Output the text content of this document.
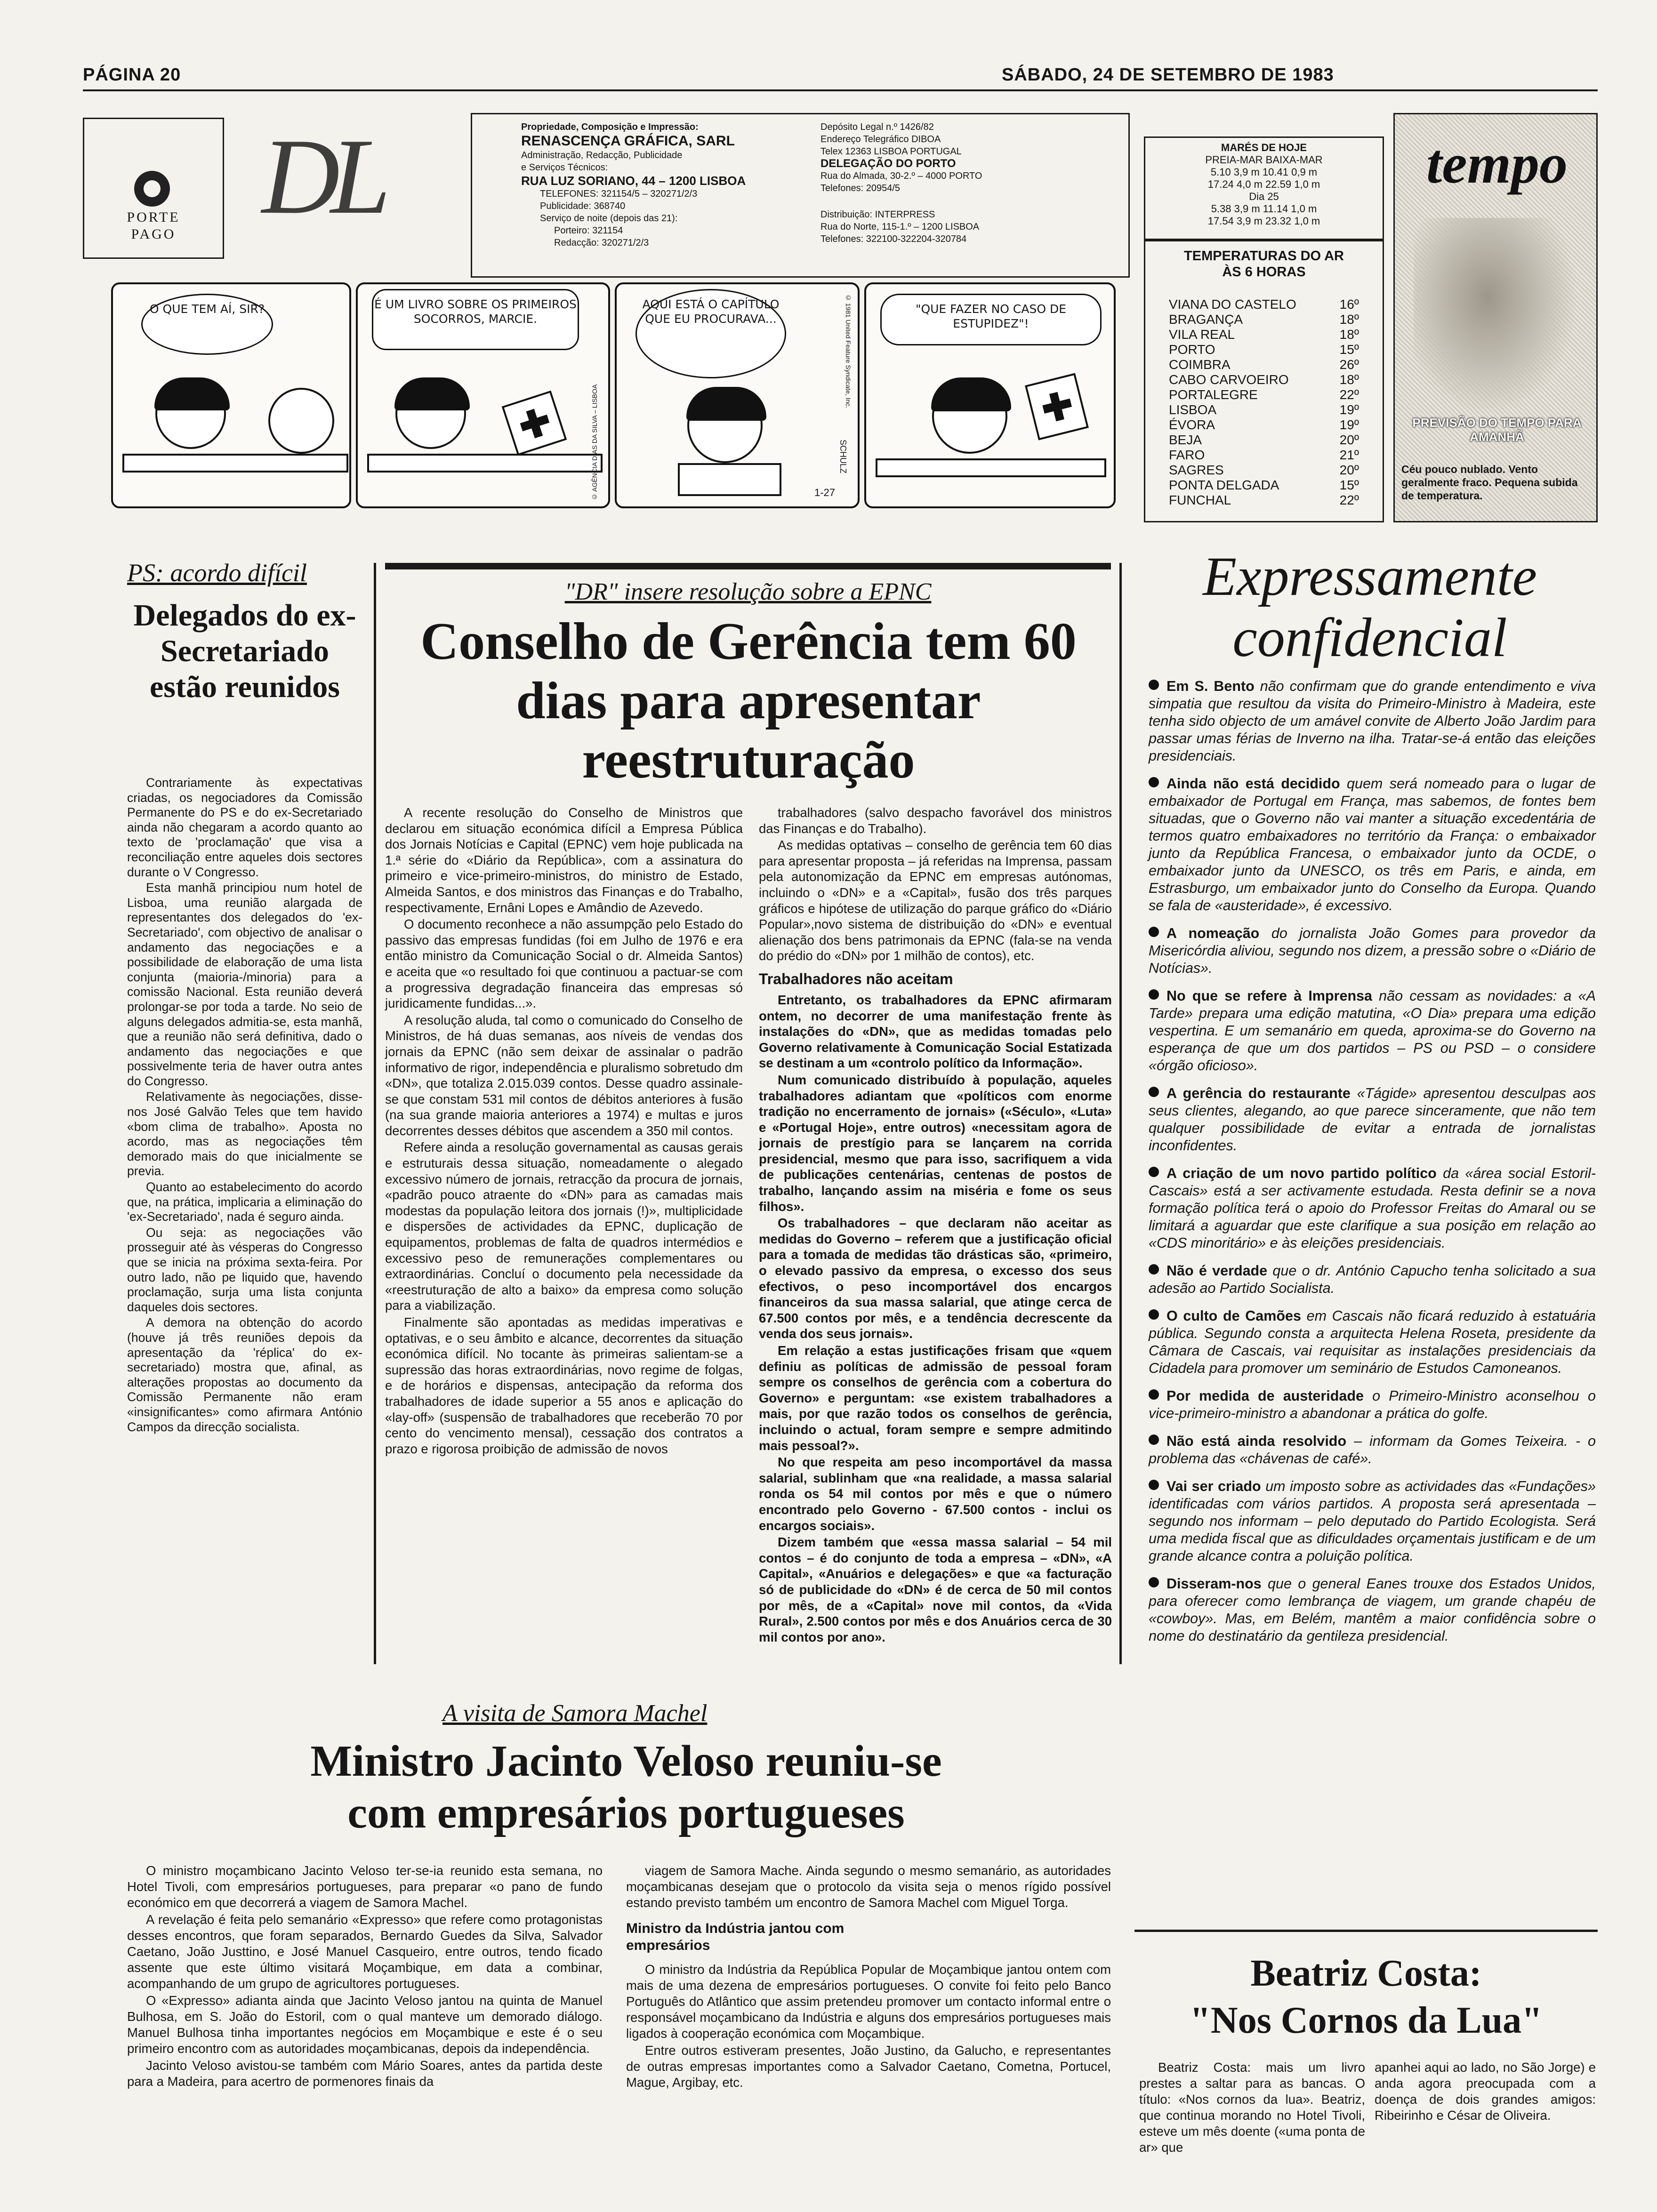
PÁGINA 20	SÁBADO, 24 DE SETEMBRO DE 1983
DL
PORTE
PAGO
Propriedade, Composição e Impressão:
RENASCENÇA GRÁFICA, SARL
Administração, Redacção, Publicidade
e Serviços Técnicos:
RUA LUZ SORIANO, 44 – 1200 LISBOA
TELEFONES: 321154/5 – 320271/2/3
Publicidade: 368740
Serviço de noite (depois das 21):
Porteiro: 321154
Redacção: 320271/2/3
Depósito Legal n.º 1426/82
Endereço Telegráfico DIBOA
Telex 12363 LISBOA PORTUGAL
DELEGAÇÃO DO PORTO
Rua do Almada, 30-2.º – 4000 PORTO
Telefones: 20954/5
Distribuição: INTERPRESS
Rua do Norte, 115-1.º – 1200 LISBOA
Telefones: 322100-322204-320784
MARÉS DE HOJE
PREIA-MAR BAIXA-MAR
5.10 3,9 m 10.41 0,9 m
17.24 4,0 m 22.59 1,0 m
Dia 25
5.38 3,9 m 11.14 1,0 m
17.54 3,9 m 23.32 1,0 m
TEMPERATURAS DO AR
ÀS 6 HORAS
VIANA DO CASTELO	16º
BRAGANÇA	18º
VILA REAL	18º
PORTO	15º
COIMBRA	26º
CABO CARVOEIRO	18º
PORTALEGRE	22º
LISBOA	19º
ÉVORA	19º
BEJA	20º
FARO	21º
SAGRES	20º
PONTA DELGADA	15º
FUNCHAL	22º
tempo
PREVISÃO DO TEMPO PARA AMANHÃ
Céu pouco nublado. Vento geralmente fraco. Pequena subida de temperatura.
O QUE TEM AÍ, SIR?	É UM LIVRO SOBRE OS PRIMEIROS SOCORROS, MARCIE.
© AGÊNCIA DIAS DA SILVA – LISBOA
AQUI ESTÁ O CAPÍTULO QUE EU PROCURAVA...	© 1981 United Feature Syndicate, Inc.
1-27
SCHULZ
"QUE FAZER NO CASO DE ESTUPIDEZ"!
PS: acordo difícil
Delegados do ex-Secretariado estão reunidos

Contrariamente às expectativas criadas, os negociadores da Comissão Permanente do PS e do ex-Secretariado ainda não chegaram a acordo quanto ao texto de 'proclamação' que visa a reconciliação entre aqueles dois sectores durante o V Congresso.

Esta manhã principiou num hotel de Lisboa, uma reunião alargada de representantes dos delegados do 'ex-Secretariado', com objectivo de analisar o andamento das negociações e a possibilidade de elaboração de uma lista conjunta (maioria-/minoria) para a comissão Nacional. Esta reunião deverá prolongar-se por toda a tarde. No seio de alguns delegados admitia-se, esta manhã, que a reunião não será definitiva, dado o andamento das negociações e que possivelmente teria de haver outra antes do Congresso.

Relativamente às negociações, disse-nos José Galvão Teles que tem havido «bom clima de trabalho». Aposta no acordo, mas as negociações têm demorado mais do que inicialmente se previa.

Quanto ao estabelecimento do acordo que, na prática, implicaria a eliminação do 'ex-Secretariado', nada é seguro ainda.

Ou seja: as negociações vão prosseguir até às vésperas do Congresso que se inicia na próxima sexta-feira. Por outro lado, não pe liquido que, havendo proclamação, surja uma lista conjunta daqueles dois sectores.

A demora na obtenção do acordo (houve já três reuniões depois da apresentação da 'réplica' do ex-secretariado) mostra que, afinal, as alterações propostas ao documento da Comissão Permanente não eram «insignificantes» como afirmara António Campos da direcção socialista.

"DR" insere resolução sobre a EPNC
Conselho de Gerência tem 60 dias para apresentar reestruturação

A recente resolução do Conselho de Ministros que declarou em situação económica difícil a Empresa Pública dos Jornais Notícias e Capital (EPNC) vem hoje publicada na 1.ª série do «Diário da República», com a assinatura do primeiro e vice-primeiro-ministros, do ministro de Estado, Almeida Santos, e dos ministros das Finanças e do Trabalho, respectivamente, Ernâni Lopes e Amândio de Azevedo.

O documento reconhece a não assumpção pelo Estado do passivo das empresas fundidas (foi em Julho de 1976 e era então ministro da Comunicação Social o dr. Almeida Santos) e aceita que «o resultado foi que continuou a pactuar-se com a progressiva degradação financeira das empresas só juridicamente fundidas...».

A resolução aluda, tal como o comunicado do Conselho de Ministros, de há duas semanas, aos níveis de vendas dos jornais da EPNC (não sem deixar de assinalar o padrão informativo de rigor, independência e pluralismo sobretudo dm «DN», que totaliza 2.015.039 contos. Desse quadro assinale-se que constam 531 mil contos de débitos anteriores à fusão (na sua grande maioria anteriores a 1974) e multas e juros decorrentes desses débitos que ascendem a 350 mil contos.

Refere ainda a resolução governamental as causas gerais e estruturais dessa situação, nomeadamente o alegado excessivo número de jornais, retracção da procura de jornais, «padrão pouco atraente do «DN» para as camadas mais modestas da população leitora dos jornais (!)», multiplicidade e dispersões de actividades da EPNC, duplicação de equipamentos, problemas de falta de quadros intermédios e excessivo peso de remunerações complementares ou extraordinárias. Concluí o documento pela necessidade da «reestruturação de alto a baixo» da empresa como solução para a viabilização.

Finalmente são apontadas as medidas imperativas e optativas, e o seu âmbito e alcance, decorrentes da situação económica difícil. No tocante às primeiras salientam-se a supressão das horas extraordinárias, novo regime de folgas, e de horários e dispensas, antecipação da reforma dos trabalhadores de idade superior a 55 anos e aplicação do «lay-off» (suspensão de trabalhadores que receberão 70 por cento do vencimento mensal), cessação dos contratos a prazo e rigorosa proibição de admissão de novos

trabalhadores (salvo despacho favorável dos ministros das Finanças e do Trabalho).

As medidas optativas – conselho de gerência tem 60 dias para apresentar proposta – já referidas na Imprensa, passam pela autonomização da EPNC em empresas autónomas, incluindo o «DN» e a «Capital», fusão dos três parques gráficos e hipótese de utilização do parque gráfico do «Diário Popular»,novo sistema de distribuição do «DN» e eventual alienação dos bens patrimonais da EPNC (fala-se na venda do prédio do «DN» por 1 milhão de contos), etc.

Trabalhadores não aceitam

Entretanto, os trabalhadores da EPNC afirmaram ontem, no decorrer de uma manifestação frente às instalações do «DN», que as medidas tomadas pelo Governo relativamente à Comunicação Social Estatizada se destinam a um «controlo político da Informação».

Num comunicado distribuído à população, aqueles trabalhadores adiantam que «políticos com enorme tradição no encerramento de jornais» («Século», «Luta» e «Portugal Hoje», entre outros) «necessitam agora de jornais de prestígio para se lançarem na corrida presidencial, mesmo que para isso, sacrifiquem a vida de publicações centenárias, centenas de postos de trabalho, lançando assim na miséria e fome os seus filhos».

Os trabalhadores – que declaram não aceitar as medidas do Governo – referem que a justificação oficial para a tomada de medidas tão drásticas são, «primeiro, o elevado passivo da empresa, o excesso dos seus efectivos, o peso incomportável dos encargos financeiros da sua massa salarial, que atinge cerca de 67.500 contos por mês, e a tendência decrescente da venda dos seus jornais».

Em relação a estas justificações frisam que «quem definiu as políticas de admissão de pessoal foram sempre os conselhos de gerência com a cobertura do Governo» e perguntam: «se existem trabalhadores a mais, por que razão todos os conselhos de gerência, incluindo o actual, foram sempre e sempre admitindo mais pessoal?».

No que respeita am peso incomportável da massa salarial, sublinham que «na realidade, a massa salarial ronda os 54 mil contos por mês e que o número encontrado pelo Governo - 67.500 contos - inclui os encargos sociais».

Dizem também que «essa massa salarial – 54 mil contos – é do conjunto de toda a empresa – «DN», «A Capital», «Anuários e delegações» e que «a facturação só de publicidade do «DN» é de cerca de 50 mil contos por mês, de a «Capital» nove mil contos, da «Vida Rural», 2.500 contos por mês e dos Anuários cerca de 30 mil contos por ano».

A visita de Samora Machel
Ministro Jacinto Veloso reuniu-se
com empresários portugueses

O ministro moçambicano Jacinto Veloso ter-se-ia reunido esta semana, no Hotel Tivoli, com empresários portugueses, para preparar «o pano de fundo económico em que decorrerá a viagem de Samora Machel.

A revelação é feita pelo semanário «Expresso» que refere como protagonistas desses encontros, que foram separados, Bernardo Guedes da Silva, Salvador Caetano, João Justtino, e José Manuel Casqueiro, entre outros, tendo ficado assente que este último visitará Moçambique, em data a combinar, acompanhando de um grupo de agricultores portugueses.

O «Expresso» adianta ainda que Jacinto Veloso jantou na quinta de Manuel Bulhosa, em S. João do Estoril, com o qual manteve um demorado diálogo. Manuel Bulhosa tinha importantes negócios em Moçambique e este é o seu primeiro encontro com as autoridades moçambicanas, depois da independência.

Jacinto Veloso avistou-se também com Mário Soares, antes da partida deste para a Madeira, para acertro de pormenores finais da

viagem de Samora Mache. Ainda segundo o mesmo semanário, as autoridades moçambicanas desejam que o protocolo da visita seja o menos rígido possível estando previsto também um encontro de Samora Machel com Miguel Torga.

Ministro da Indústria jantou com empresários

O ministro da Indústria da República Popular de Moçambique jantou ontem com mais de uma dezena de empresários portugueses. O convite foi feito pelo Banco Português do Atlântico que assim pretendeu promover um contacto informal entre o responsável moçambicano da Indústria e alguns dos empresários portugueses mais ligados à cooperação económica com Moçambique.

Entre outros estiveram presentes, João Justino, da Galucho, e representantes de outras empresas importantes como a Salvador Caetano, Cometna, Portucel, Mague, Argibay, etc.

Expressamente
confidencial

Em S. Bento não confirmam que do grande entendimento e viva simpatia que resultou da visita do Primeiro-Ministro à Madeira, este tenha sido objecto de um amável convite de Alberto João Jardim para passar umas férias de Inverno na ilha. Tratar-se-á então das eleições presidenciais.

Ainda não está decidido quem será nomeado para o lugar de embaixador de Portugal em França, mas sabemos, de fontes bem situadas, que o Governo não vai manter a situação excedentária de termos quatro embaixadores no território da França: o embaixador junto da República Francesa, o embaixador junto da OCDE, o embaixador junto da UNESCO, os três em Paris, e ainda, em Estrasburgo, um embaixador junto do Conselho da Europa. Quando se fala de «austeridade», é excessivo.

A nomeação do jornalista João Gomes para provedor da Misericórdia aliviou, segundo nos dizem, a pressão sobre o «Diário de Notícias».

No que se refere à Imprensa não cessam as novidades: a «A Tarde» prepara uma edição matutina, «O Dia» prepara uma edição vespertina. E um semanário em queda, aproxima-se do Governo na esperança de que um dos partidos – PS ou PSD – o considere «órgão oficioso».

A gerência do restaurante «Tágide» apresentou desculpas aos seus clientes, alegando, ao que parece sinceramente, que não tem qualquer possibilidade de evitar a entrada de jornalistas inconfidentes.

A criação de um novo partido político da «área social Estoril-Cascais» está a ser activamente estudada. Resta definir se a nova formação política terá o apoio do Professor Freitas do Amaral ou se limitará a aguardar que este clarifique a sua posição em relação ao «CDS minoritário» e às eleições presidenciais.

Não é verdade que o dr. António Capucho tenha solicitado a sua adesão ao Partido Socialista.

O culto de Camões em Cascais não ficará reduzido à estatuária pública. Segundo consta a arquitecta Helena Roseta, presidente da Câmara de Cascais, vai requisitar as instalações presidenciais da Cidadela para promover um seminário de Estudos Camoneanos.

Por medida de austeridade o Primeiro-Ministro aconselhou o vice-primeiro-ministro a abandonar a prática do golfe.

Não está ainda resolvido – informam da Gomes Teixeira. - o problema das «chávenas de café».

Vai ser criado um imposto sobre as actividades das «Fundações» identificadas com vários partidos. A proposta será apresentada – segundo nos informam – pelo deputado do Partido Ecologista. Será uma medida fiscal que as dificuldades orçamentais justificam e de um grande alcance contra a poluição política.

Disseram-nos que o general Eanes trouxe dos Estados Unidos, para oferecer como lembrança de viagem, um grande chapéu de «cowboy». Mas, em Belém, mantêm a maior confidência sobre o nome do destinatário da gentileza presidencial.

Beatriz Costa:
"Nos Cornos da Lua"
Beatriz Costa: mais um livro prestes a saltar para as bancas. O título: «Nos cornos da lua». Beatriz, que continua morando no Hotel Tivoli, esteve um mês doente («uma ponta de ar» que
apanhei aqui ao lado, no São Jorge) e anda agora preocupada com a doença de dois grandes amigos: Ribeirinho e César de Oliveira.
